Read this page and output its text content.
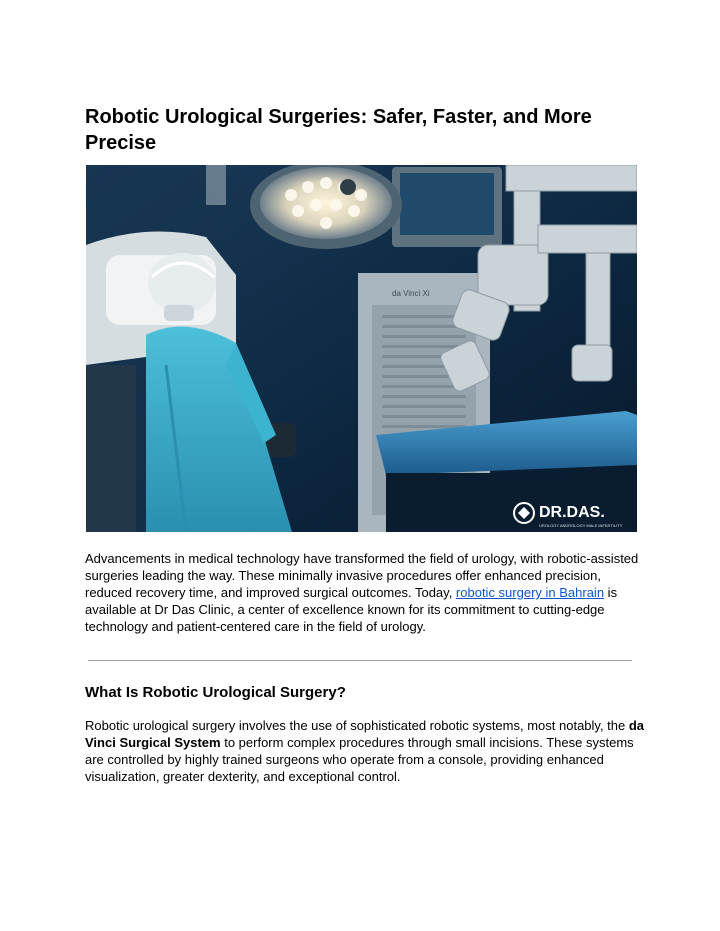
Robotic Urological Surgeries: Safer, Faster, and More Precise
da Vinci Xi
DR.DAS.
UROLOGY ANDROLOGY MALE INFERTILITY

Advancements in medical technology have transformed the field of urology, with robotic-assisted surgeries leading the way. These minimally invasive procedures offer enhanced precision, reduced recovery time, and improved surgical outcomes. Today, robotic surgery in Bahrain is available at Dr Das Clinic, a center of excellence known for its commitment to cutting-edge technology and patient-centered care in the field of urology.

What Is Robotic Urological Surgery?

Robotic urological surgery involves the use of sophisticated robotic systems, most notably, the da Vinci Surgical System to perform complex procedures through small incisions. These systems are controlled by highly trained surgeons who operate from a console, providing enhanced visualization, greater dexterity, and exceptional control.
